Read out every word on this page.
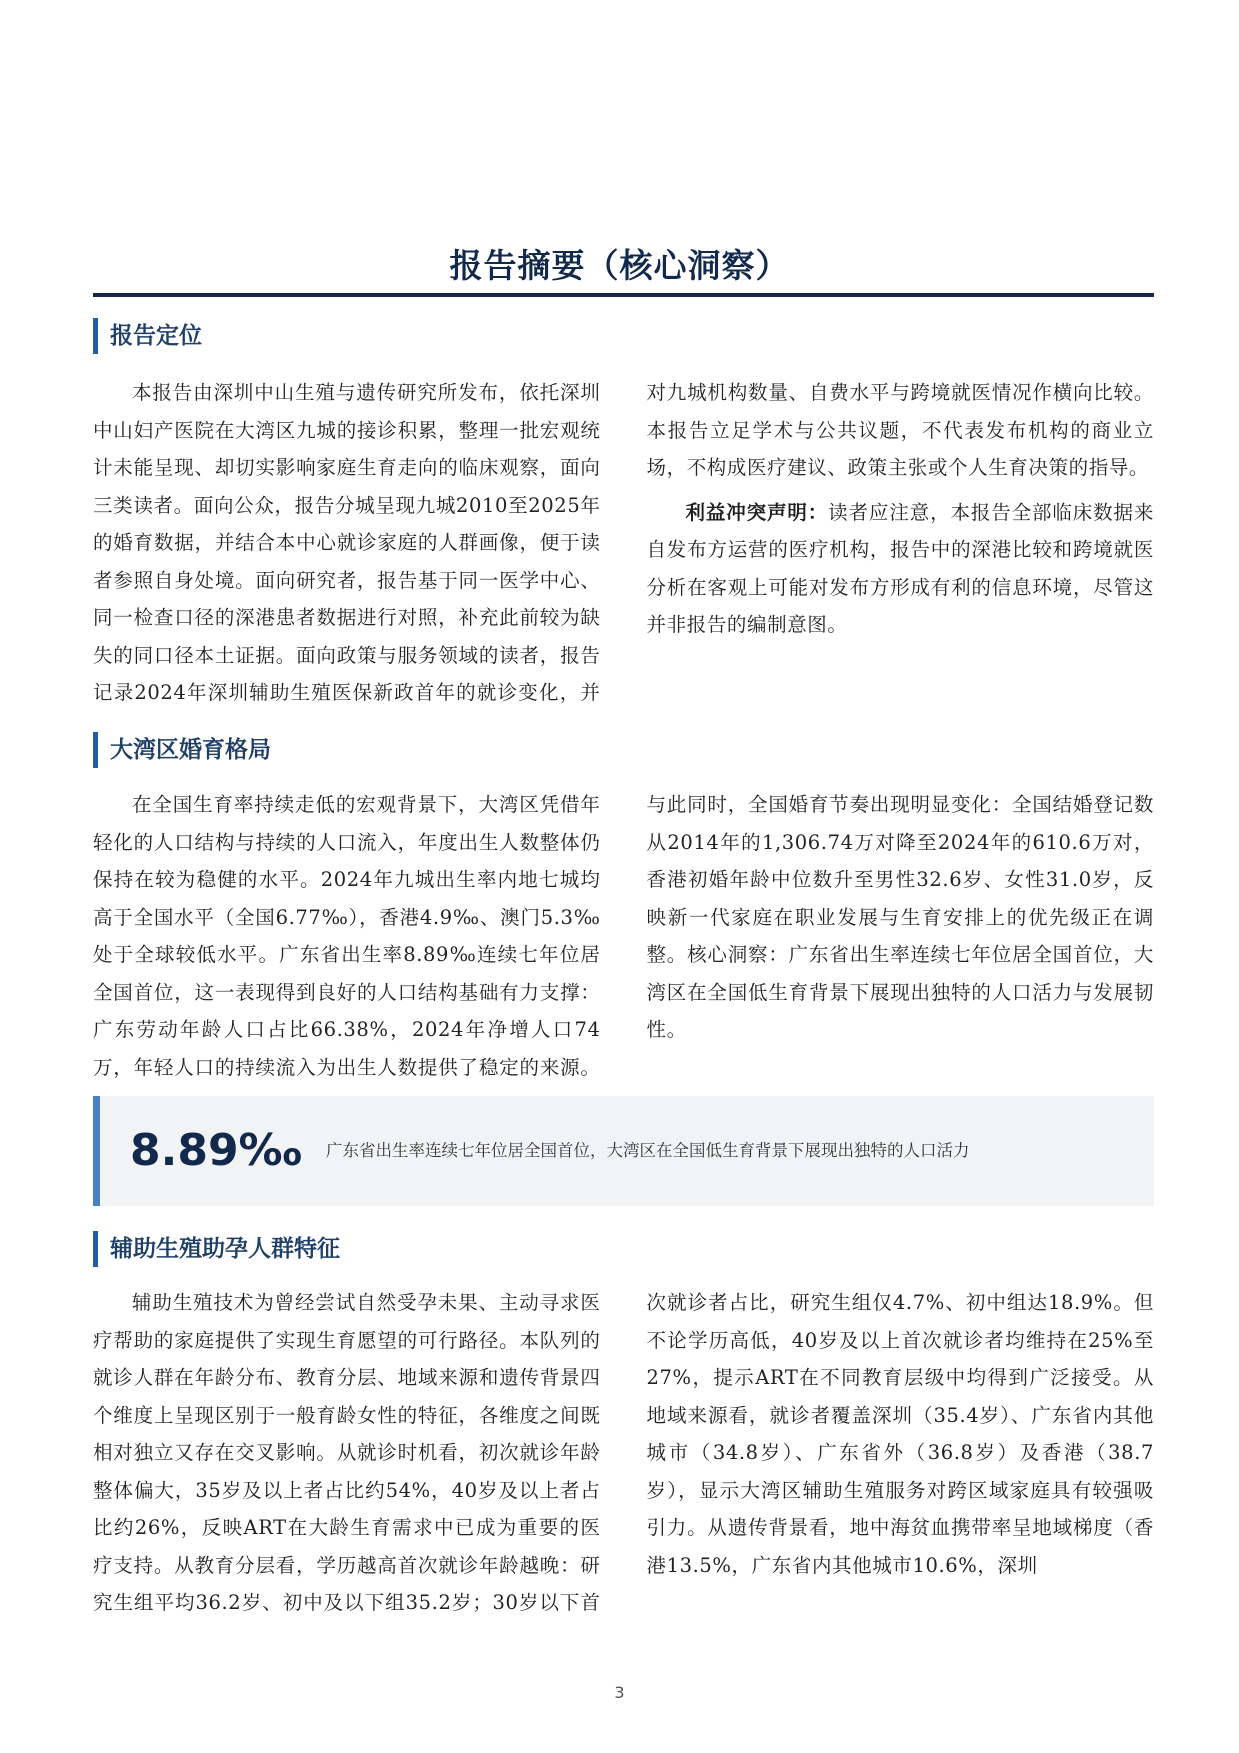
报告摘要（核心洞察）
报告定位

本报告由深圳中山生殖与遗传研究所发布，依托深圳中山妇产医院在大湾区九城的接诊积累，整理一批宏观统计未能呈现、却切实影响家庭生育走向的临床观察，面向三类读者。面向公众，报告分城呈现九城2010至2025年的婚育数据，并结合本中心就诊家庭的人群画像，便于读者参照自身处境。面向研究者，报告基于同一医学中心、同一检查口径的深港患者数据进行对照，补充此前较为缺失的同口径本土证据。面向政策与服务领域的读者，报告记录2024年深圳辅助生殖医保新政首年的就诊变化，并对九城机构数量、自费水平与跨境就医情况作横向比较。本报告立足学术与公共议题，不代表发布机构的商业立场，不构成医疗建议、政策主张或个人生育决策的指导。

利益冲突声明：读者应注意，本报告全部临床数据来自发布方运营的医疗机构，报告中的深港比较和跨境就医分析在客观上可能对发布方形成有利的信息环境，尽管这并非报告的编制意图。

大湾区婚育格局

在全国生育率持续走低的宏观背景下，大湾区凭借年轻化的人口结构与持续的人口流入，年度出生人数整体仍保持在较为稳健的水平。2024年九城出生率内地七城均高于全国水平（全国6.77‰），香港4.9‰、澳门5.3‰处于全球较低水平。广东省出生率8.89‰连续七年位居全国首位，这一表现得到良好的人口结构基础有力支撑：广东劳动年龄人口占比66.38%，2024年净增人口74万，年轻人口的持续流入为出生人数提供了稳定的来源。与此同时，全国婚育节奏出现明显变化：全国结婚登记数从2014年的1,306.74万对降至2024年的610.6万对，香港初婚年龄中位数升至男性32.6岁、女性31.0岁，反映新一代家庭在职业发展与生育安排上的优先级正在调整。核心洞察：广东省出生率连续七年位居全国首位，大湾区在全国低生育背景下展现出独特的人口活力与发展韧性。

8.89‰ 广东省出生率连续七年位居全国首位，大湾区在全国低生育背景下展现出独特的人口活力
辅助生殖助孕人群特征

辅助生殖技术为曾经尝试自然受孕未果、主动寻求医疗帮助的家庭提供了实现生育愿望的可行路径。本队列的就诊人群在年龄分布、教育分层、地域来源和遗传背景四个维度上呈现区别于一般育龄女性的特征，各维度之间既相对独立又存在交叉影响。从就诊时机看，初次就诊年龄整体偏大，35岁及以上者占比约54%，40岁及以上者占比约26%，反映ART在大龄生育需求中已成为重要的医疗支持。从教育分层看，学历越高首次就诊年龄越晚：研究生组平均36.2岁、初中及以下组35.2岁；30岁以下首次就诊者占比，研究生组仅4.7%、初中组达18.9%。但不论学历高低，40岁及以上首次就诊者均维持在25%至27%，提示ART在不同教育层级中均得到广泛接受。从地域来源看，就诊者覆盖深圳（35.4岁）、广东省内其他城市（34.8岁）、广东省外（36.8岁）及香港（38.7岁），显示大湾区辅助生殖服务对跨区域家庭具有较强吸引力。从遗传背景看，地中海贫血携带率呈地域梯度（香港13.5%，广东省内其他城市10.6%，深圳

3
